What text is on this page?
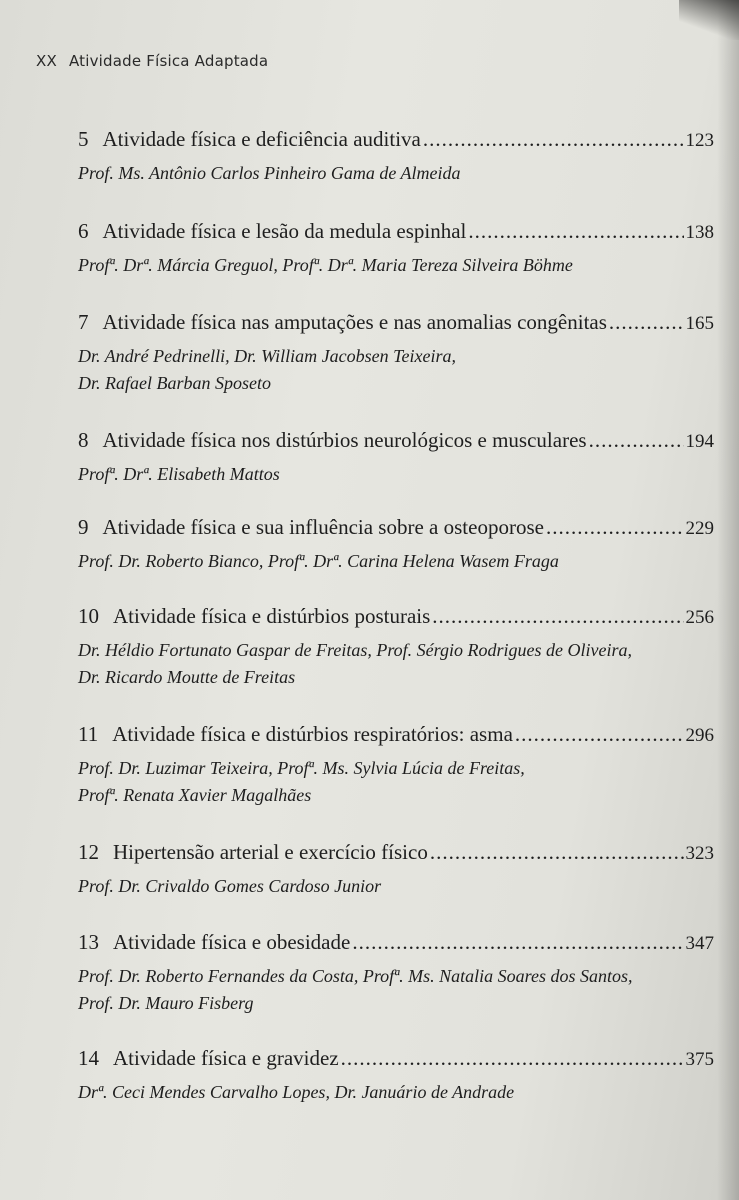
XX Atividade Física Adaptada
5 Atividade física e deficiência auditiva .....	123
Prof. Ms. Antônio Carlos Pinheiro Gama de Almeida
6 Atividade física e lesão da medula espinhal .....	138
Profª. Drª. Márcia Greguol, Profª. Drª. Maria Tereza Silveira Böhme
7 Atividade física nas amputações e nas anomalias congênitas .....	165
Dr. André Pedrinelli, Dr. William Jacobsen Teixeira,
Dr. Rafael Barban Sposeto
8 Atividade física nos distúrbios neurológicos e musculares .....	194
Profª. Drª. Elisabeth Mattos
9 Atividade física e sua influência sobre a osteoporose .....	229
Prof. Dr. Roberto Bianco, Profª. Drª. Carina Helena Wasem Fraga
10 Atividade física e distúrbios posturais .....	256
Dr. Héldio Fortunato Gaspar de Freitas, Prof. Sérgio Rodrigues de Oliveira,
Dr. Ricardo Moutte de Freitas
11 Atividade física e distúrbios respiratórios: asma .....	296
Prof. Dr. Luzimar Teixeira, Profª. Ms. Sylvia Lúcia de Freitas,
Profª. Renata Xavier Magalhães
12 Hipertensão arterial e exercício físico .....	323
Prof. Dr. Crivaldo Gomes Cardoso Junior
13 Atividade física e obesidade .....	347
Prof. Dr. Roberto Fernandes da Costa, Profª. Ms. Natalia Soares dos Santos,
Prof. Dr. Mauro Fisberg
14 Atividade física e gravidez .....	375
Drª. Ceci Mendes Carvalho Lopes, Dr. Januário de Andrade
